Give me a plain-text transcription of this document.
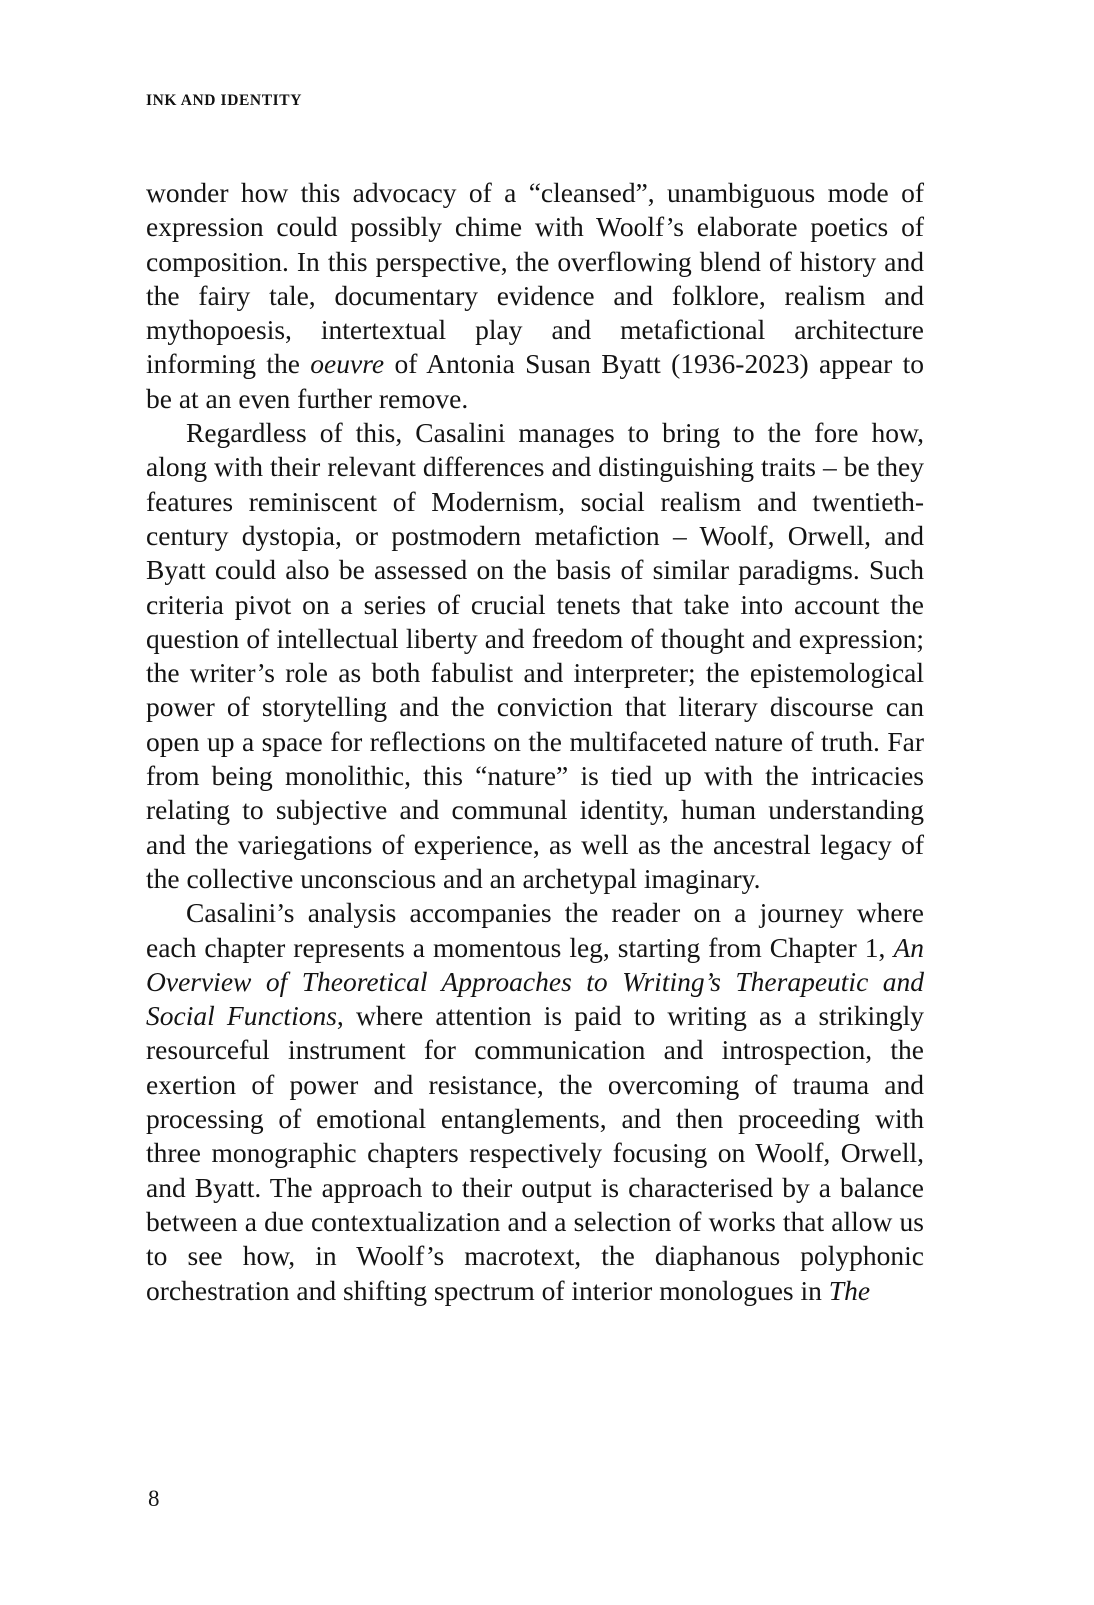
INK AND IDENTITY

wonder how this advocacy of a “cleansed”, unambiguous mode of expression could possibly chime with Woolf’s elaborate poetics of composition. In this perspective, the overflowing blend of history and the fairy tale, documentary evidence and folklore, realism and mythopoesis, intertextual play and metafictional architecture informing the oeuvre of Antonia Susan Byatt (1936-2023) appear to be at an even further remove.

Regardless of this, Casalini manages to bring to the fore how, along with their relevant differences and distinguishing traits – be they features reminiscent of Modernism, social realism and twentieth-century dystopia, or postmodern metafiction – Woolf, Orwell, and Byatt could also be assessed on the basis of similar paradigms. Such criteria pivot on a series of crucial tenets that take into account the question of intellectual liberty and freedom of thought and expression; the writer’s role as both fabulist and interpreter; the epistemological power of storytelling and the conviction that literary discourse can open up a space for reflections on the multifaceted nature of truth. Far from being monolithic, this “nature” is tied up with the intricacies relating to subjective and communal identity, human understanding and the variegations of experience, as well as the ancestral legacy of the collective unconscious and an archetypal imaginary.

Casalini’s analysis accompanies the reader on a journey where each chapter represents a momentous leg, starting from Chapter 1, An Overview of Theoretical Approaches to Writing’s Therapeutic and Social Functions, where attention is paid to writing as a strikingly resourceful instrument for communication and introspection, the exertion of power and resistance, the overcoming of trauma and processing of emotional entanglements, and then proceeding with three monographic chapters respectively focusing on Woolf, Orwell, and Byatt. The approach to their output is characterised by a balance between a due contextualization and a selection of works that allow us to see how, in Woolf’s macrotext, the diaphanous polyphonic orchestration and shifting spectrum of interior monologues in The

8
